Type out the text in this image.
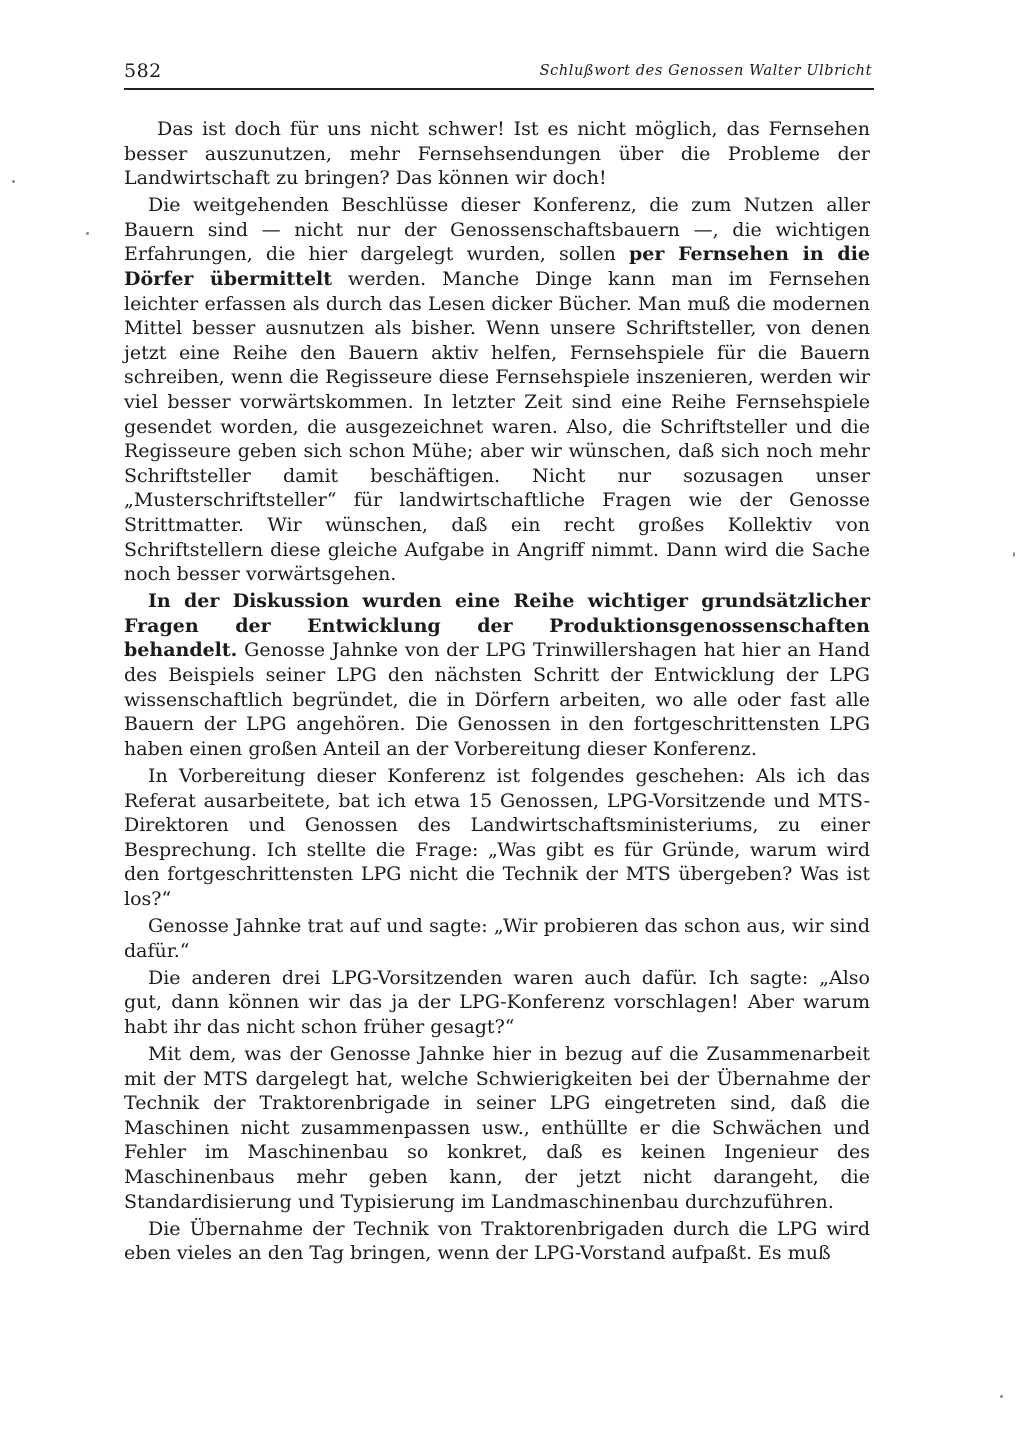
582	Schlußwort des Genossen Walter Ulbricht

Das ist doch für uns nicht schwer! Ist es nicht möglich, das Fernsehen besser auszunutzen, mehr Fernsehsendungen über die Probleme der Landwirtschaft zu bringen? Das können wir doch!

Die weitgehenden Beschlüsse dieser Konferenz, die zum Nutzen aller Bauern sind — nicht nur der Genossenschaftsbauern —, die wichtigen Erfahrungen, die hier dargelegt wurden, sollen per Fernsehen in die Dörfer übermittelt werden. Manche Dinge kann man im Fernsehen leichter erfassen als durch das Lesen dicker Bücher. Man muß die modernen Mittel besser ausnutzen als bisher. Wenn unsere Schriftsteller, von denen jetzt eine Reihe den Bauern aktiv helfen, Fernsehspiele für die Bauern schreiben, wenn die Regisseure diese Fernsehspiele inszenieren, werden wir viel besser vorwärtskommen. In letzter Zeit sind eine Reihe Fernsehspiele gesendet worden, die ausgezeichnet waren. Also, die Schriftsteller und die Regisseure geben sich schon Mühe; aber wir wünschen, daß sich noch mehr Schriftsteller damit beschäftigen. Nicht nur sozusagen unser „Musterschriftsteller“ für landwirtschaftliche Fragen wie der Genosse Strittmatter. Wir wünschen, daß ein recht großes Kollektiv von Schriftstellern diese gleiche Aufgabe in Angriff nimmt. Dann wird die Sache noch besser vorwärtsgehen.

In der Diskussion wurden eine Reihe wichtiger grundsätzlicher Fragen der Entwicklung der Produktionsgenossenschaften behandelt. Genosse Jahnke von der LPG Trinwillershagen hat hier an Hand des Beispiels seiner LPG den nächsten Schritt der Entwicklung der LPG wissenschaftlich begründet, die in Dörfern arbeiten, wo alle oder fast alle Bauern der LPG angehören. Die Genossen in den fortgeschrittensten LPG haben einen großen Anteil an der Vorbereitung dieser Konferenz.

In Vorbereitung dieser Konferenz ist folgendes geschehen: Als ich das Referat ausarbeitete, bat ich etwa 15 Genossen, LPG-Vorsitzende und MTS-Direktoren und Genossen des Landwirtschaftsministeriums, zu einer Besprechung. Ich stellte die Frage: „Was gibt es für Gründe, warum wird den fortgeschrittensten LPG nicht die Technik der MTS übergeben? Was ist los?“

Genosse Jahnke trat auf und sagte: „Wir probieren das schon aus, wir sind dafür.“

Die anderen drei LPG-Vorsitzenden waren auch dafür. Ich sagte: „Also gut, dann können wir das ja der LPG-Konferenz vorschlagen! Aber warum habt ihr das nicht schon früher gesagt?“

Mit dem, was der Genosse Jahnke hier in bezug auf die Zusammenarbeit mit der MTS dargelegt hat, welche Schwierigkeiten bei der Übernahme der Technik der Traktorenbrigade in seiner LPG eingetreten sind, daß die Maschinen nicht zusammenpassen usw., enthüllte er die Schwächen und Fehler im Maschinenbau so konkret, daß es keinen Ingenieur des Maschinenbaus mehr geben kann, der jetzt nicht darangeht, die Standardisierung und Typisierung im Landmaschinenbau durchzuführen.

Die Übernahme der Technik von Traktorenbrigaden durch die LPG wird eben vieles an den Tag bringen, wenn der LPG-Vorstand aufpaßt. Es muß
